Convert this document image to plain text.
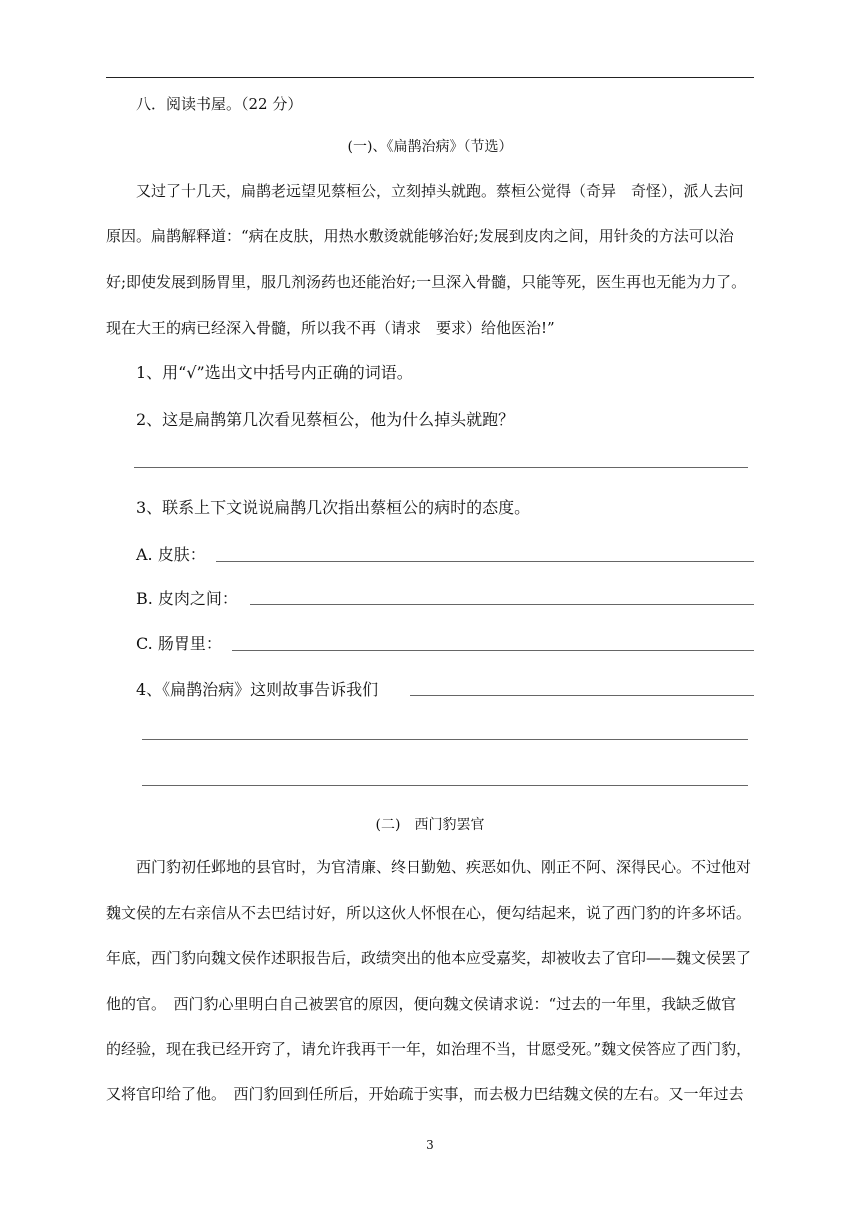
八．阅读书屋。（22 分）
(一)、《扁鹊治病》（节选）
又过了十几天，扁鹊老远望见蔡桓公，立刻掉头就跑。蔡桓公觉得（奇异　奇怪），派人去问
原因。扁鹊解释道：“病在皮肤，用热水敷烫就能够治好;发展到皮肉之间，用针灸的方法可以治
好;即使发展到肠胃里，服几剂汤药也还能治好;一旦深入骨髓，只能等死，医生再也无能为力了。
现在大王的病已经深入骨髓，所以我不再（请求　要求）给他医治!”
1、用“√”选出文中括号内正确的词语。
2、这是扁鹊第几次看见蔡桓公，他为什么掉头就跑？
3、联系上下文说说扁鹊几次指出蔡桓公的病时的态度。
A. 皮肤：
B. 皮肉之间：
C. 肠胃里：
4、《扁鹊治病》这则故事告诉我们
(二)　西门豹罢官
西门豹初任邺地的县官时，为官清廉、终日勤勉、疾恶如仇、刚正不阿、深得民心。不过他对
魏文侯的左右亲信从不去巴结讨好，所以这伙人怀恨在心，便勾结起来，说了西门豹的许多坏话。
年底，西门豹向魏文侯作述职报告后，政绩突出的他本应受嘉奖，却被收去了官印——魏文侯罢了
他的官。　西门豹心里明白自己被罢官的原因，便向魏文侯请求说：“过去的一年里，我缺乏做官
的经验，现在我已经开窍了，请允许我再干一年，如治理不当，甘愿受死。”魏文侯答应了西门豹，
又将官印给了他。　西门豹回到任所后，开始疏于实事，而去极力巴结魏文侯的左右。又一年过去
3
